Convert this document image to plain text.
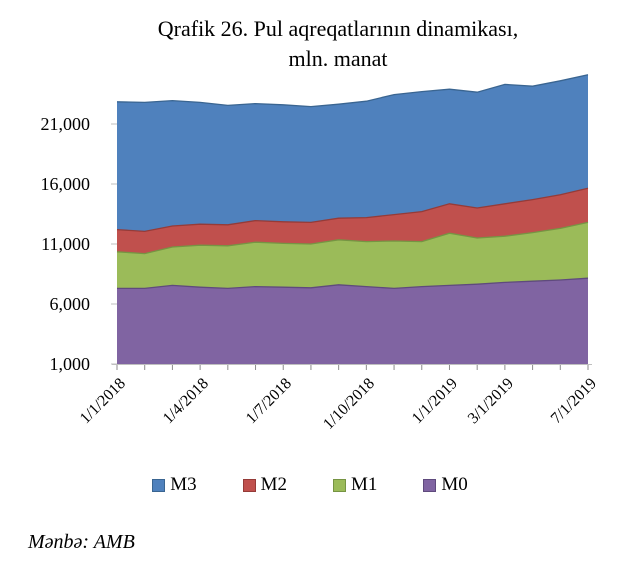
Qrafik 26. Pul aqreqatlarının dinamikası,
mln. manat
21,000
16,000
11,000
6,000
1,000
1/1/2018 1/4/2018 1/7/2018 1/10/2018 1/1/2019 3/1/2019 7/1/2019
M3	M2	M1	M0
Mənbə: AMB
